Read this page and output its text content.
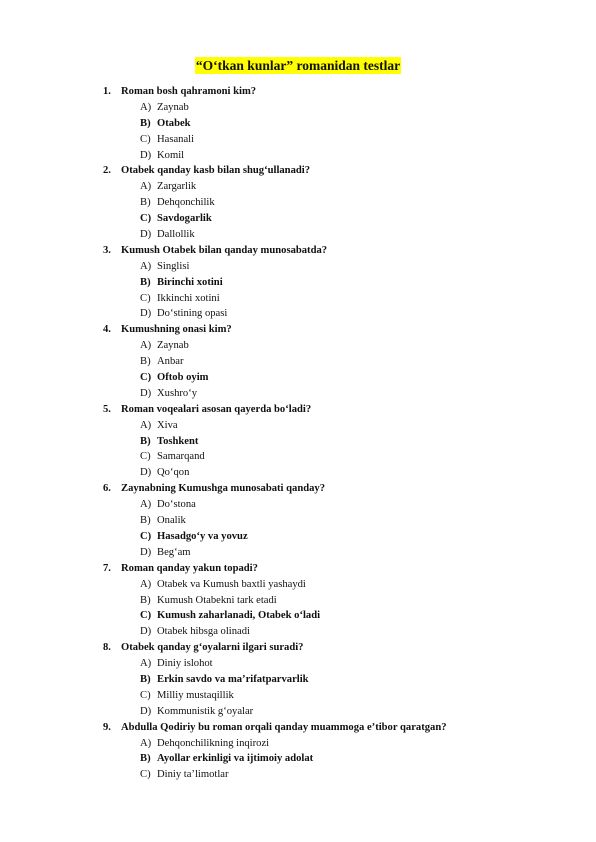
“O‘tkan kunlar” romanidan testlar
1. Roman bosh qahramoni kim?
A) Zaynab
B) Otabek
C) Hasanali
D) Komil
2. Otabek qanday kasb bilan shug‘ullanadi?
A) Zargarlik
B) Dehqonchilik
C) Savdogarlik
D) Dallollik
3. Kumush Otabek bilan qanday munosabatda?
A) Singlisi
B) Birinchi xotini
C) Ikkinchi xotini
D) Do‘stining opasi
4. Kumushning onasi kim?
A) Zaynab
B) Anbar
C) Oftob oyim
D) Xushro‘y
5. Roman voqealari asosan qayerda bo‘ladi?
A) Xiva
B) Toshkent
C) Samarqand
D) Qo‘qon
6. Zaynabning Kumushga munosabati qanday?
A) Do‘stona
B) Onalik
C) Hasadgo‘y va yovuz
D) Beg‘am
7. Roman qanday yakun topadi?
A) Otabek va Kumush baxtli yashaydi
B) Kumush Otabekni tark etadi
C) Kumush zaharlanadi, Otabek o‘ladi
D) Otabek hibsga olinadi
8. Otabek qanday g‘oyalarni ilgari suradi?
A) Diniy islohot
B) Erkin savdo va ma’rifatparvarlik
C) Milliy mustaqillik
D) Kommunistik g‘oyalar
9. Abdulla Qodiriy bu roman orqali qanday muammoga e’tibor qaratgan?
A) Dehqonchilikning inqirozi
B) Ayollar erkinligi va ijtimoiy adolat
C) Diniy ta’limotlar
